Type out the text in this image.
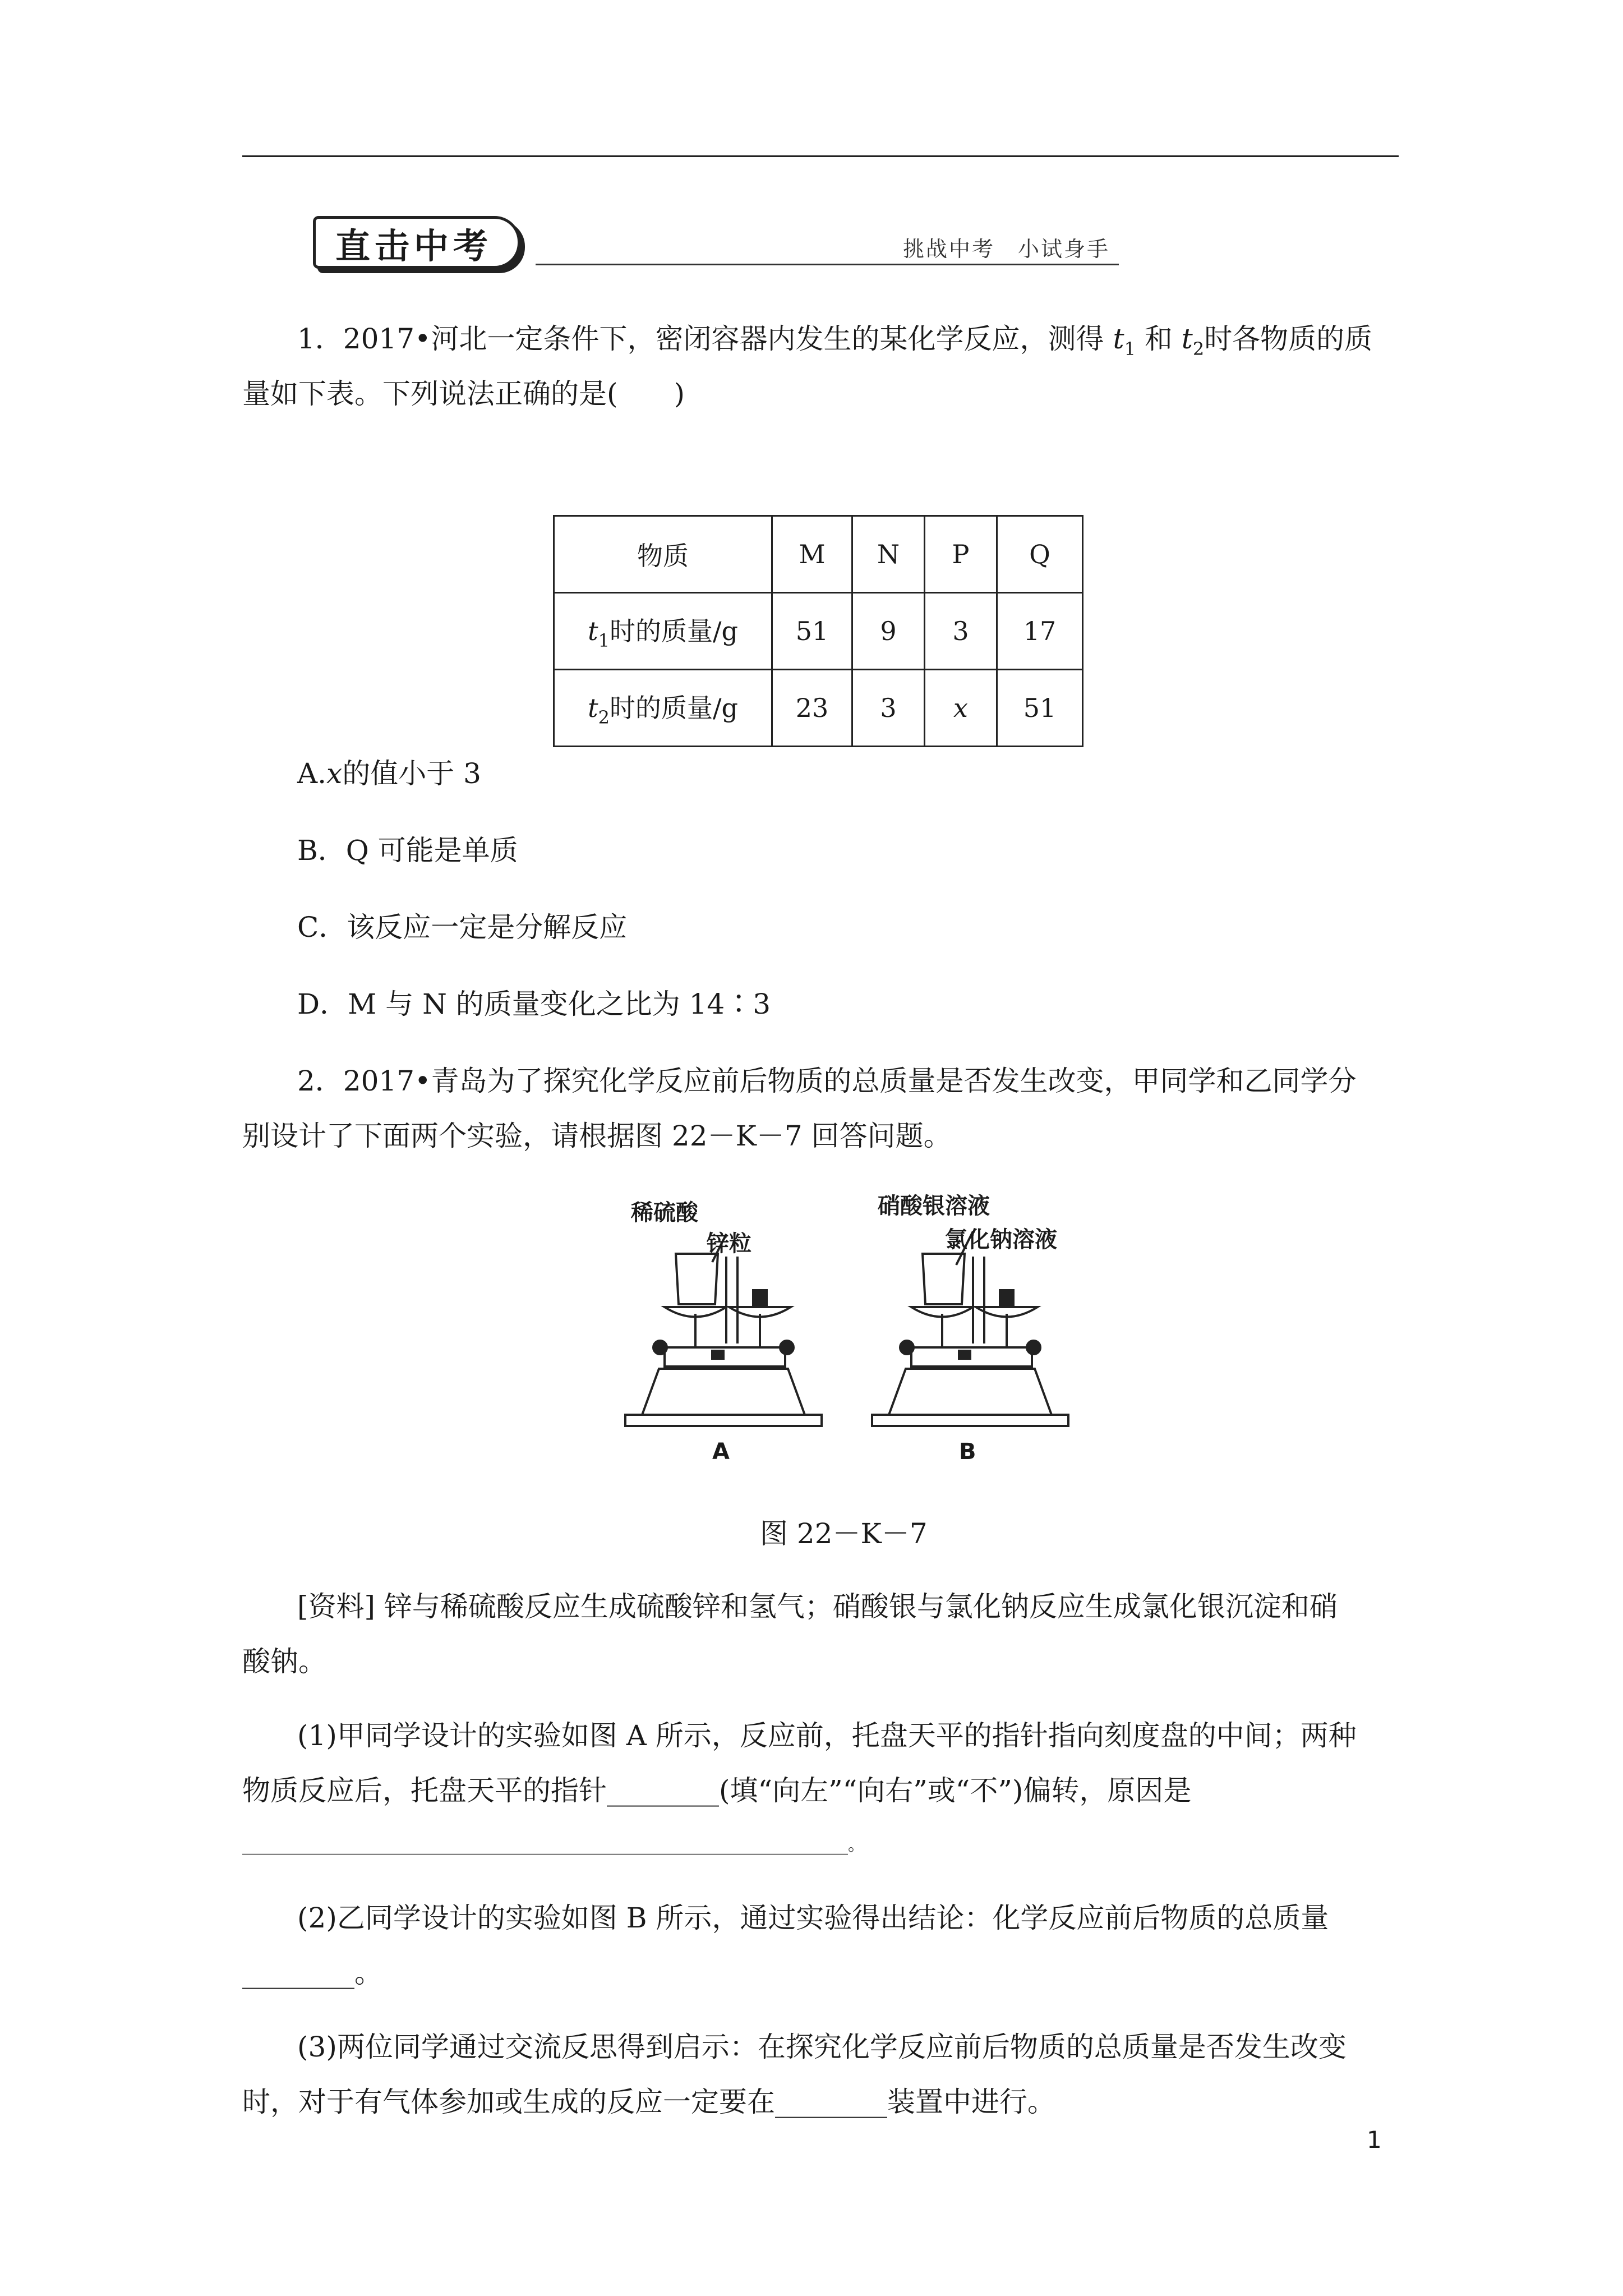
直击中考	挑战中考　小试身手
1．2017•河北一定条件下，密闭容器内发生的某化学反应，测得 $t_1$ 和 $t_2$时各物质的质
量如下表。下列说法正确的是(　　)
物质	M	N	P	Q
$t_1$时的质量/g	51	9	3	17
$t_2$时的质量/g	23	3	x	51
A.x的值小于 3
B．Q 可能是单质
C．该反应一定是分解反应
D．M 与 N 的质量变化之比为 14∶3
2．2017•青岛为了探究化学反应前后物质的总质量是否发生改变，甲同学和乙同学分
别设计了下面两个实验，请根据图 22－K－7 回答问题。
稀硫酸
锌粒
硝酸银溶液
氯化钠溶液
A	B
图 22－K－7
[资料] 锌与稀硫酸反应生成硫酸锌和氢气；硝酸银与氯化钠反应生成氯化银沉淀和硝
酸钠。
(1)甲同学设计的实验如图 A 所示，反应前，托盘天平的指针指向刻度盘的中间；两种
物质反应后，托盘天平的指针________(填“向左”“向右”或“不”)偏转，原因是
________________________________________________________________________。
(2)乙同学设计的实验如图 B 所示，通过实验得出结论：化学反应前后物质的总质量
________。
(3)两位同学通过交流反思得到启示：在探究化学反应前后物质的总质量是否发生改变
时，对于有气体参加或生成的反应一定要在________装置中进行。
1
